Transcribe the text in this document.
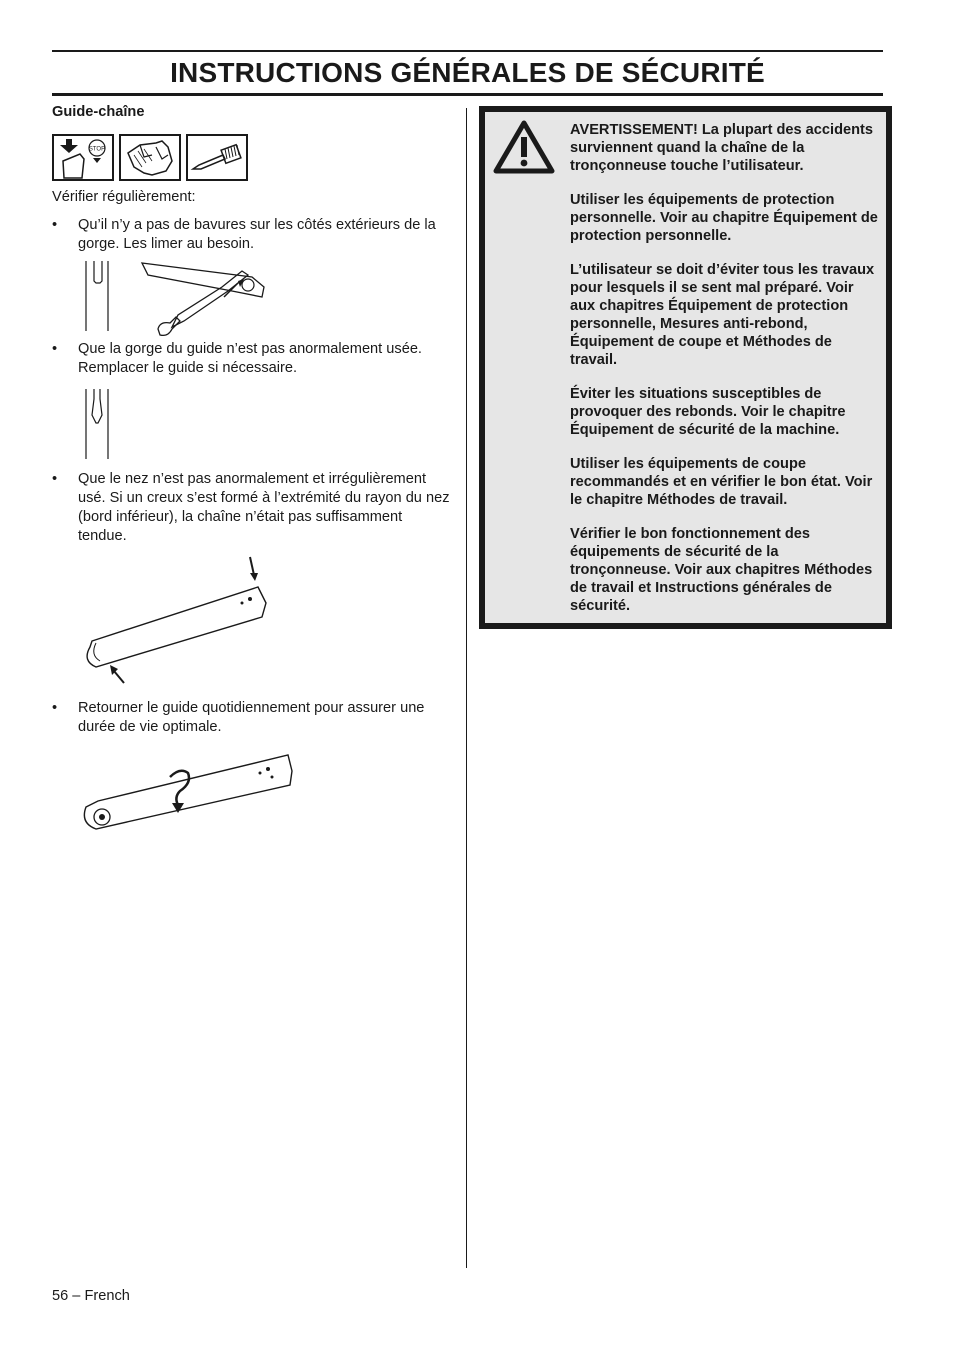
INSTRUCTIONS GÉNÉRALES DE SÉCURITÉ
Guide-chaîne
STOP

Vérifier régulièrement:

• Qu’il n’y a pas de bavures sur les côtés extérieurs de la gorge. Les limer au besoin.
• Que la gorge du guide n’est pas anormalement usée. Remplacer le guide si nécessaire.
• Que le nez n’est pas anormalement et irrégulièrement usé. Si un creux s’est formé à l’extrémité du rayon du nez (bord inférieur), la chaîne n’était pas suffisamment tendue.
• Retourner le guide quotidiennement pour assurer une durée de vie optimale.

AVERTISSEMENT! La plupart des accidents surviennent quand la chaîne de la tronçonneuse touche l’utilisateur.

Utiliser les équipements de protection personnelle. Voir au chapitre Équipement de protection personnelle.

L’utilisateur se doit d’éviter tous les travaux pour lesquels il se sent mal préparé. Voir aux chapitres Équipement de protection personnelle, Mesures anti-rebond, Équipement de coupe et Méthodes de travail.

Éviter les situations susceptibles de provoquer des rebonds. Voir le chapitre Équipement de sécurité de la machine.

Utiliser les équipements de coupe recommandés et en vérifier le bon état. Voir le chapitre Méthodes de travail.

Vérifier le bon fonctionnement des équipements de sécurité de la tronçonneuse. Voir aux chapitres Méthodes de travail et Instructions générales de sécurité.

56 – French
